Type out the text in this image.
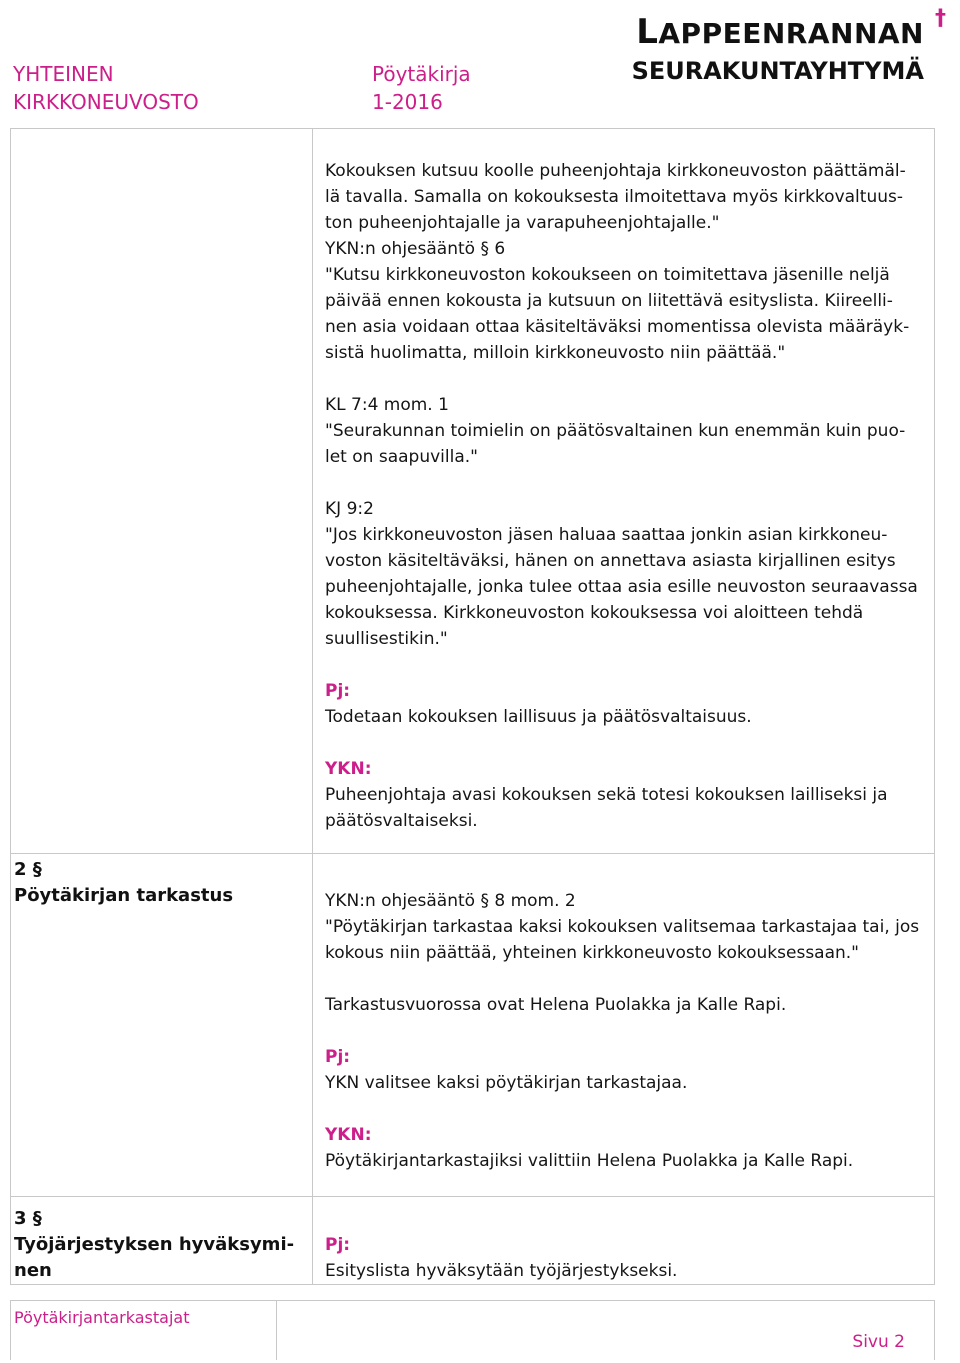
YHTEINEN
KIRKKONEUVOSTO
Pöytäkirja
1-2016
LAPPEENRANNAN
SEURAKUNTAYHTYMÄ
†

Kokouksen kutsuu koolle puheenjohtaja kirkkoneuvoston päättämäl-

lä tavalla. Samalla on kokouksesta ilmoitettava myös kirkkovaltuus-

ton puheenjohtajalle ja varapuheenjohtajalle."

YKN:n ohjesääntö § 6

"Kutsu kirkkoneuvoston kokoukseen on toimitettava jäsenille neljä

päivää ennen kokousta ja kutsuun on liitettävä esityslista. Kiireelli-

nen asia voidaan ottaa käsiteltäväksi momentissa olevista määräyk-

sistä huolimatta, milloin kirkkoneuvosto niin päättää."

KL 7:4 mom. 1

"Seurakunnan toimielin on päätösvaltainen kun enemmän kuin puo-

let on saapuvilla."

KJ 9:2

"Jos kirkkoneuvoston jäsen haluaa saattaa jonkin asian kirkkoneu-

voston käsiteltäväksi, hänen on annettava asiasta kirjallinen esitys

puheenjohtajalle, jonka tulee ottaa asia esille neuvoston seuraavassa

kokouksessa. Kirkkoneuvoston kokouksessa voi aloitteen tehdä

suullisestikin."

Pj:

Todetaan kokouksen laillisuus ja päätösvaltaisuus.

YKN:

Puheenjohtaja avasi kokouksen sekä totesi kokouksen lailliseksi ja

päätösvaltaiseksi.

2 §
Pöytäkirjan tarkastus	YKN:n ohjesääntö § 8 mom. 2

"Pöytäkirjan tarkastaa kaksi kokouksen valitsemaa tarkastajaa tai, jos

kokous niin päättää, yhteinen kirkkoneuvosto kokouksessaan."

Tarkastusvuorossa ovat Helena Puolakka ja Kalle Rapi.

Pj:

YKN valitsee kaksi pöytäkirjan tarkastajaa.

YKN:

Pöytäkirjantarkastajiksi valittiin Helena Puolakka ja Kalle Rapi.

3 §
Työjärjestyksen hyväksymi-
nen

Pj:

Esityslista hyväksytään työjärjestykseksi.

Pöytäkirjantarkastajat
Sivu 2
